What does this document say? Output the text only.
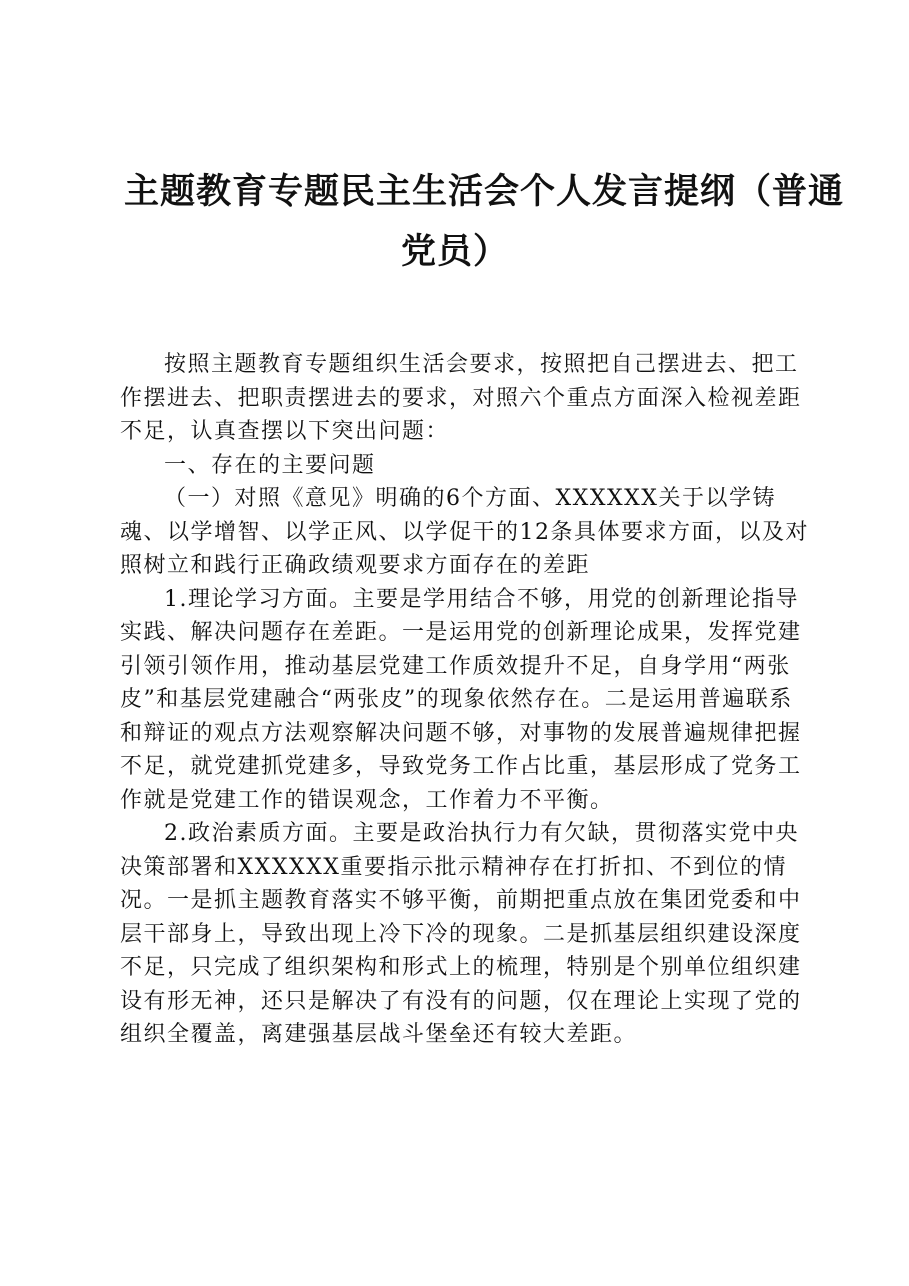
主题教育专题民主生活会个人发言提纲（普通
党员）

按照主题教育专题组织生活会要求，按照把自己摆进去、把工作摆进去、把职责摆进去的要求，对照六个重点方面深入检视差距不足，认真查摆以下突出问题：

一、存在的主要问题

（一）对照《意见》明确的6个方面、XXXXXX关于以学铸魂、以学增智、以学正风、以学促干的12条具体要求方面，以及对照树立和践行正确政绩观要求方面存在的差距

1.理论学习方面。主要是学用结合不够，用党的创新理论指导实践、解决问题存在差距。一是运用党的创新理论成果，发挥党建引领引领作用，推动基层党建工作质效提升不足，自身学用“两张皮”和基层党建融合“两张皮”的现象依然存在。二是运用普遍联系和辩证的观点方法观察解决问题不够，对事物的发展普遍规律把握不足，就党建抓党建多，导致党务工作占比重，基层形成了党务工作就是党建工作的错误观念，工作着力不平衡。

2.政治素质方面。主要是政治执行力有欠缺，贯彻落实党中央决策部署和XXXXXX重要指示批示精神存在打折扣、不到位的情况。一是抓主题教育落实不够平衡，前期把重点放在集团党委和中层干部身上，导致出现上冷下冷的现象。二是抓基层组织建设深度不足，只完成了组织架构和形式上的梳理，特别是个别单位组织建设有形无神，还只是解决了有没有的问题，仅在理论上实现了党的组织全覆盖，离建强基层战斗堡垒还有较大差距。
